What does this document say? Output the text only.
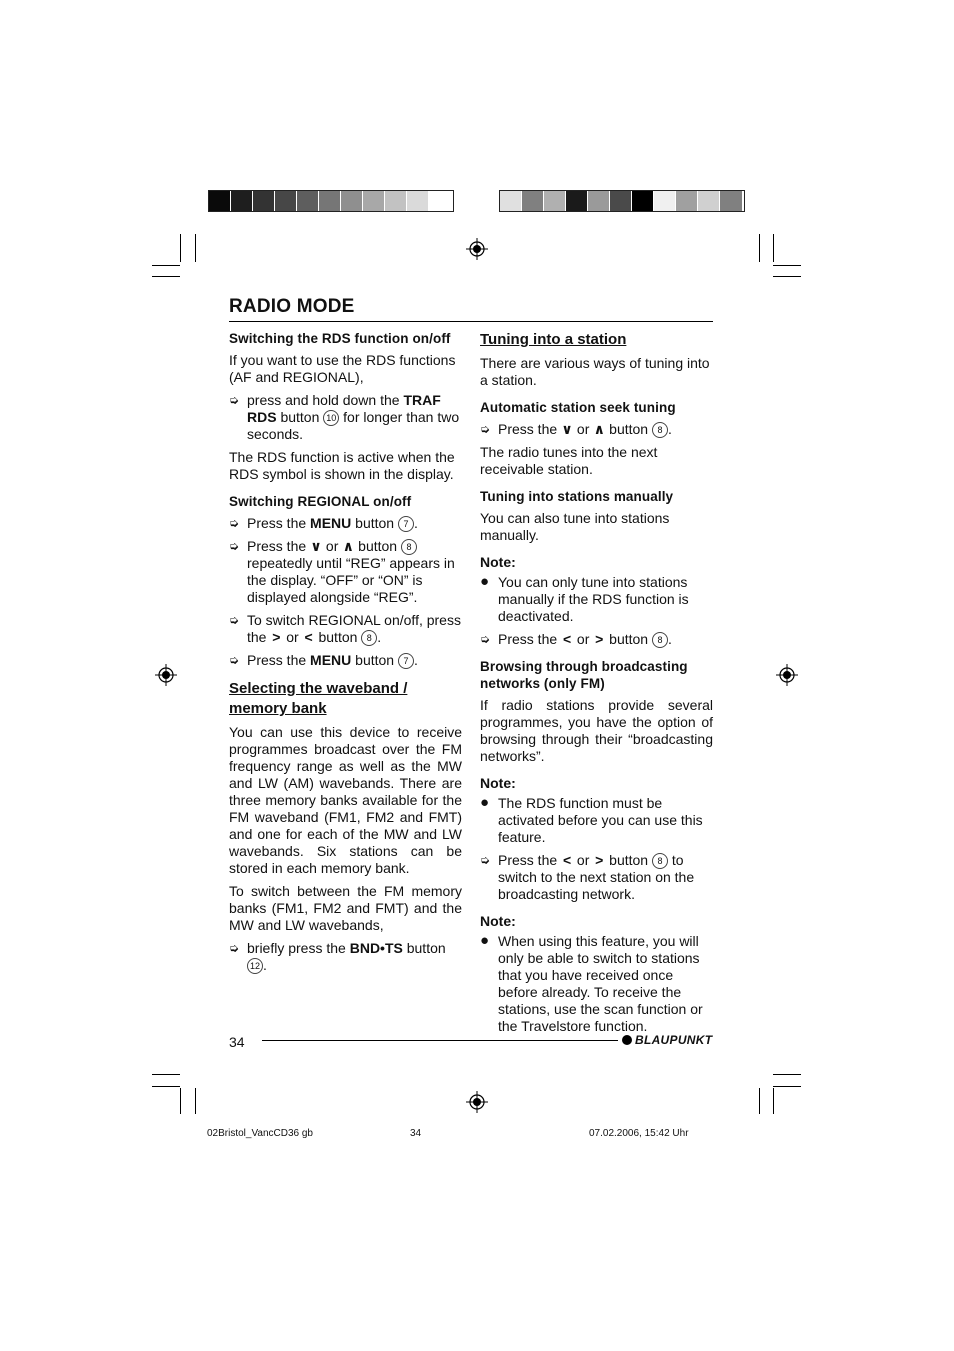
RADIO MODE
Switching the RDS function on/off

If you want to use the RDS functions (AF and REGIONAL),

➭ press and hold down the TRAF RDS button 10 for longer than two seconds.

The RDS function is active when the RDS symbol is shown in the display.

Switching REGIONAL on/off
➭ Press the MENU button 7 .
➭ Press the ∨ or ∧ button 8 repeatedly until “REG” appears in the display. “OFF” or “ON” is displayed alongside “REG”.
➭ To switch REGIONAL on/off, press the > or < button 8 .
➭ Press the MENU button 7 .
Selecting the waveband / memory bank

You can use this device to receive programmes broadcast over the FM frequency range as well as the MW and LW (AM) wavebands. There are three memory banks available for the FM waveband (FM1, FM2 and FMT) and one for each of the MW and LW wavebands. Six stations can be stored in each memory bank.

To switch between the FM memory banks (FM1, FM2 and FMT) and the MW and LW wavebands,

➭ briefly press the BND•TS button 12 .
Tuning into a station

There are various ways of tuning into a station.

Automatic station seek tuning
➭ Press the ∨ or ∧ button 8 .

The radio tunes into the next receivable station.

Tuning into stations manually

You can also tune into stations manually.

Note:
● You can only tune into stations manually if the RDS function is deactivated.
➭ Press the < or > button 8 .
Browsing through broadcasting networks (only FM)

If radio stations provide several programmes, you have the option of browsing through their “broadcasting networks”.

Note:
● The RDS function must be activated before you can use this feature.
➭ Press the < or > button 8 to switch to the next station on the broadcasting network.
Note:
● When using this feature, you will only be able to switch to stations that you have received once before already. To receive the stations, use the scan function or the Travelstore function.
34	BLAUPUNKT
02Bristol_VancCD36 gb	34	07.02.2006, 15:42 Uhr
